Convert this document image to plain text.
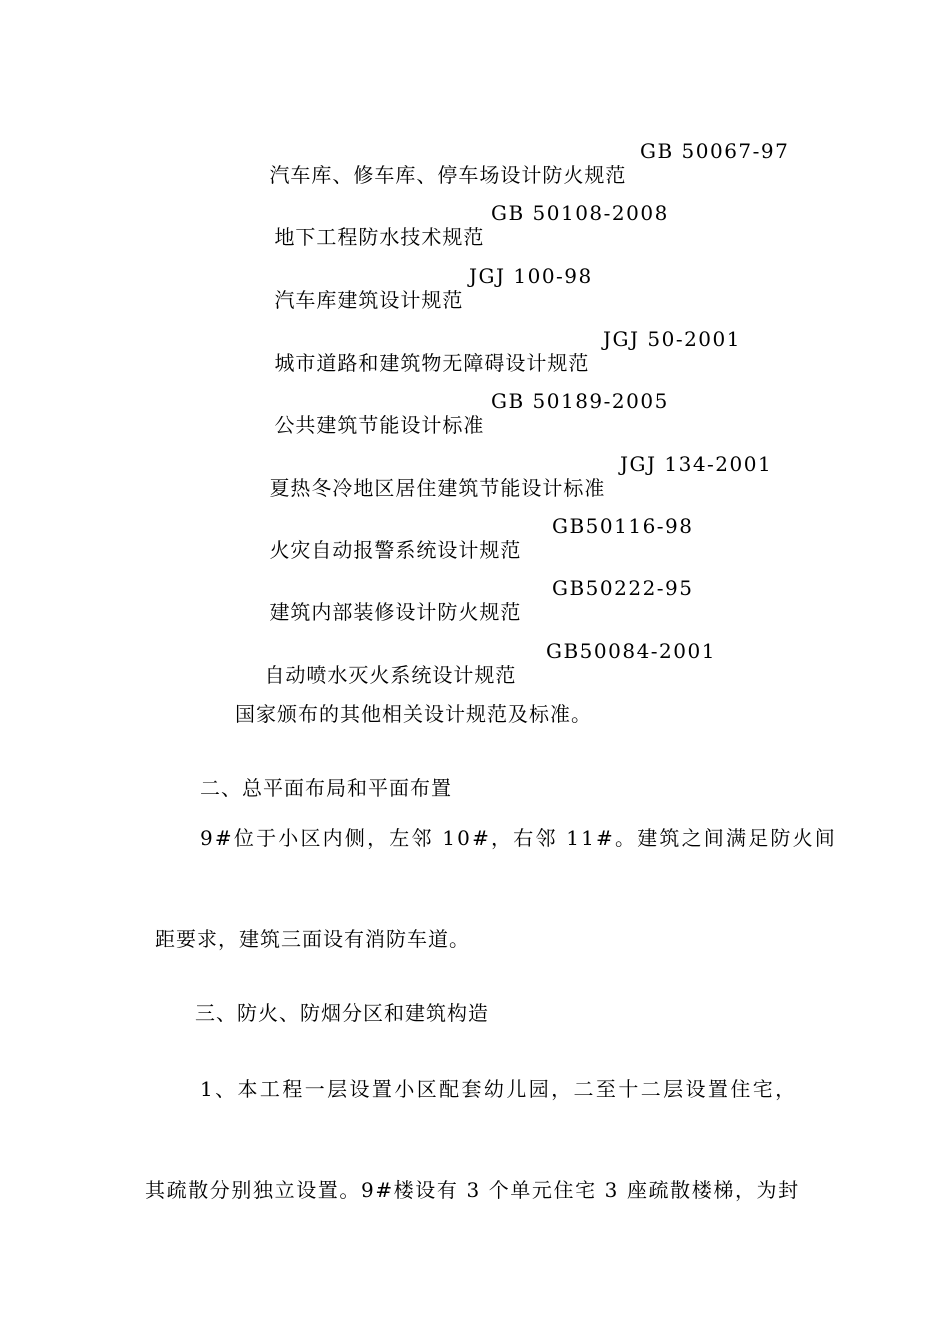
汽车库、修车库、停车场设计防火规范
GB 50067-97

地下工程防水技术规范
GB 50108-2008

汽车库建筑设计规范
JGJ 100-98

城市道路和建筑物无障碍设计规范
JGJ 50-2001

公共建筑节能设计标准
GB 50189-2005

夏热冬冷地区居住建筑节能设计标准
JGJ 134-2001

火灾自动报警系统设计规范
GB50116-98

建筑内部装修设计防火规范
GB50222-95

自动喷水灭火系统设计规范
GB50084-2001

国家颁布的其他相关设计规范及标准。
二、总平面布局和平面布置
9#位于小区内侧，左邻 10#，右邻 11#。建筑之间满足防火间
距要求，建筑三面设有消防车道。
三、防火、防烟分区和建筑构造
1、本工程一层设置小区配套幼儿园，二至十二层设置住宅，
其疏散分别独立设置。9#楼设有 3 个单元住宅 3 座疏散楼梯，为封
